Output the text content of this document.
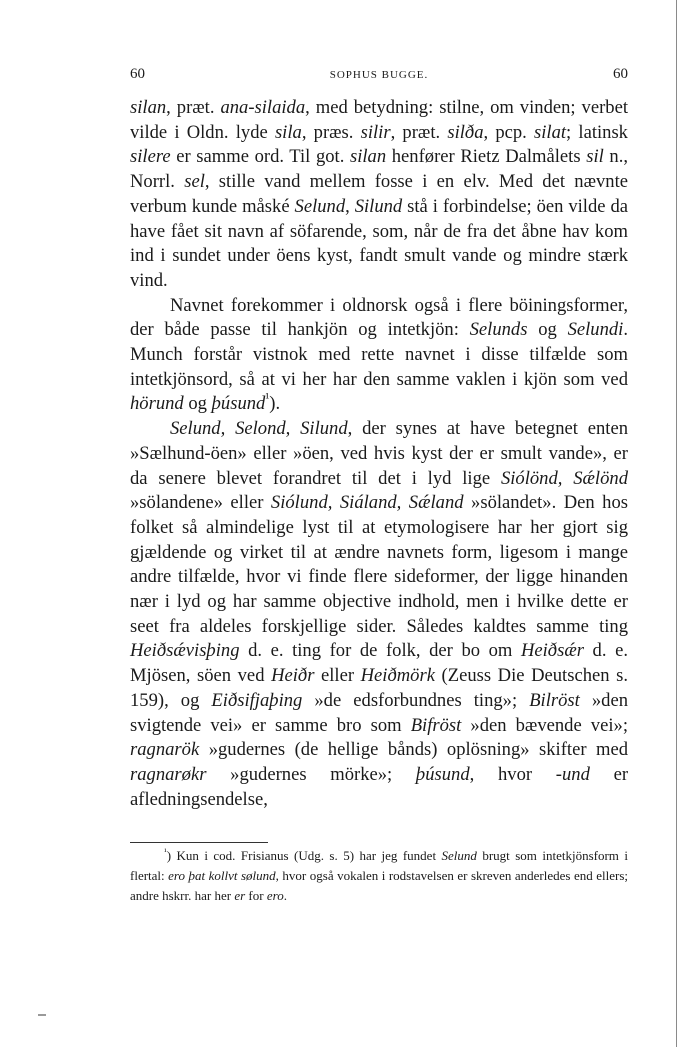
60	SOPHUS BUGGE.	60

silan, præt. ana-silaida, med betydning: stilne, om vinden; verbet vilde i Oldn. lyde sila, præs. silir, præt. silða, pcp. silat; latinsk silere er samme ord. Til got. silan henfører Rietz Dalmålets sil n., Norrl. sel, stille vand mellem fosse i en elv. Med det nævnte verbum kunde måské Selund, Silund stå i forbindelse; öen vilde da have fået sit navn af söfarende, som, når de fra det åbne hav kom ind i sundet under öens kyst, fandt smult vande og mindre stærk vind.

Navnet forekommer i oldnorsk også i flere böiningsformer, der både passe til hankjön og intetkjön: Selunds og Selundi. Munch forstår vistnok med rette navnet i disse tilfælde som intetkjönsord, så at vi her har den samme vaklen i kjön som ved hörund og þúsund$^{^1}$).

Selund, Selond, Silund, der synes at have betegnet enten »Sælhund-öen» eller »öen, ved hvis kyst der er smult vande», er da senere blevet forandret til det i lyd lige Siólönd, Sǽlönd »sölandene» eller Siólund, Siáland, Sǽland »sölandet». Den hos folket så almindelige lyst til at etymologisere har her gjort sig gjældende og virket til at ændre navnets form, ligesom i mange andre tilfælde, hvor vi finde flere sideformer, der ligge hinanden nær i lyd og har samme objective indhold, men i hvilke dette er seet fra aldeles forskjellige sider. Således kaldtes samme ting Heiðsǽvisþing d. e. ting for de folk, der bo om Heiðsǽr d. e. Mjösen, söen ved Heiðr eller Heiðmörk (Zeuss Die Deutschen s. 159), og Eiðsifjaþing »de edsforbundnes ting»; Bilröst »den svigtende vei» er samme bro som Bifröst »den bævende vei»; ragnarök »gudernes (de hellige bånds) oplösning» skifter med ragnarøkr »gudernes mörke»; þúsund, hvor -und er afledningsendelse,

$^{^1}$) Kun i cod. Frisianus (Udg. s. 5) har jeg fundet Selund brugt som intetkjönsform i flertal: ero þat kollvt sølund, hvor også vokalen i rodstavelsen er skreven anderledes end ellers; andre hskrr. har her er for ero.
